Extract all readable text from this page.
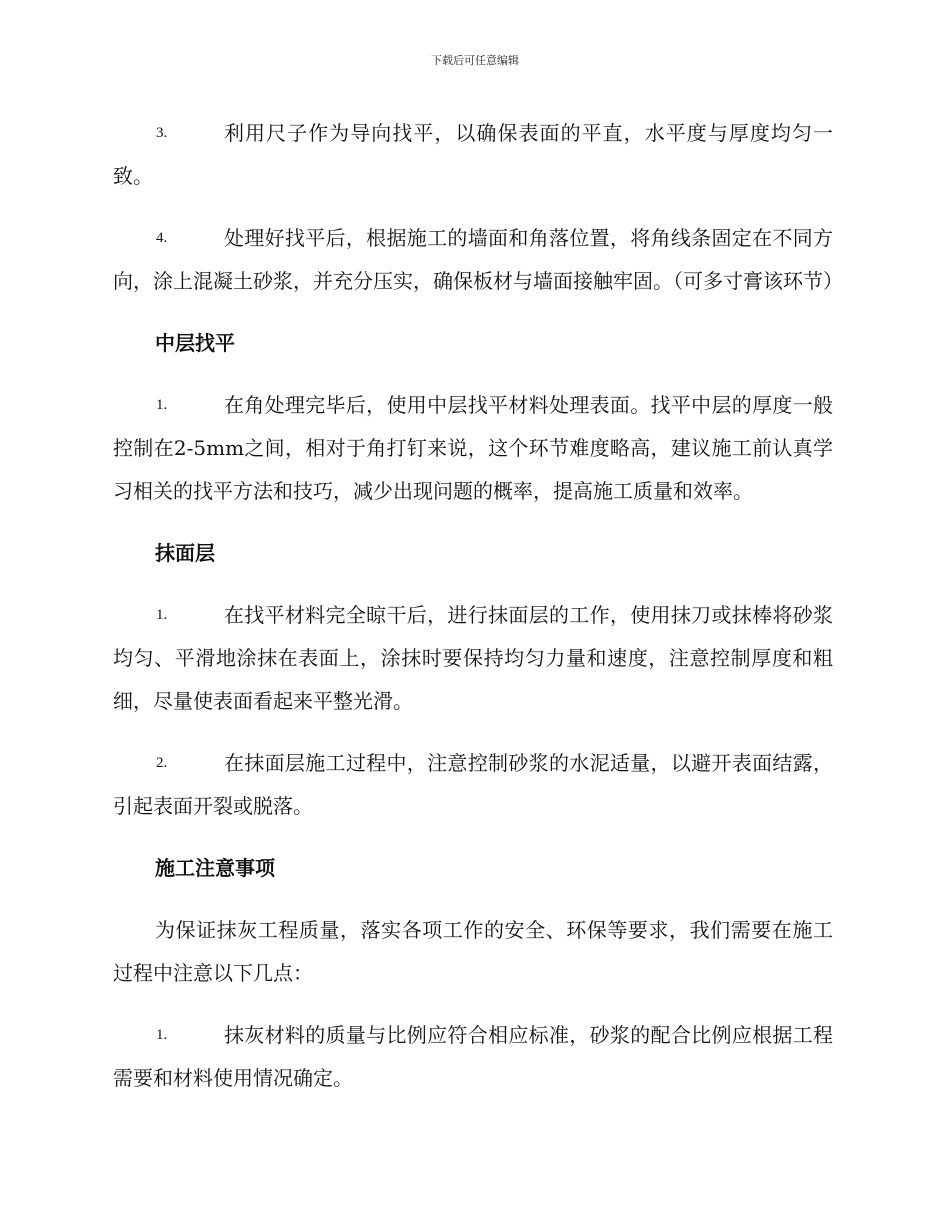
下载后可任意编辑

3.	利用尺子作为导向找平，以确保表面的平直，水平度与厚度均匀一致。

4.	处理好找平后，根据施工的墙面和角落位置，将角线条固定在不同方向，涂上混凝土砂浆，并充分压实，确保板材与墙面接触牢固。（可多寸膏该环节）

中层找平

1.	在角处理完毕后，使用中层找平材料处理表面。找平中层的厚度一般控制在2-5mm之间，相对于角打钉来说，这个环节难度略高，建议施工前认真学习相关的找平方法和技巧，减少出现问题的概率，提高施工质量和效率。

抹面层

1.	在找平材料完全晾干后，进行抹面层的工作，使用抹刀或抹棒将砂浆均匀、平滑地涂抹在表面上，涂抹时要保持均匀力量和速度，注意控制厚度和粗细，尽量使表面看起来平整光滑。

2.	在抹面层施工过程中，注意控制砂浆的水泥适量，以避开表面结露，引起表面开裂或脱落。

施工注意事项

为保证抹灰工程质量，落实各项工作的安全、环保等要求，我们需要在施工过程中注意以下几点：

1.	抹灰材料的质量与比例应符合相应标准，砂浆的配合比例应根据工程需要和材料使用情况确定。
